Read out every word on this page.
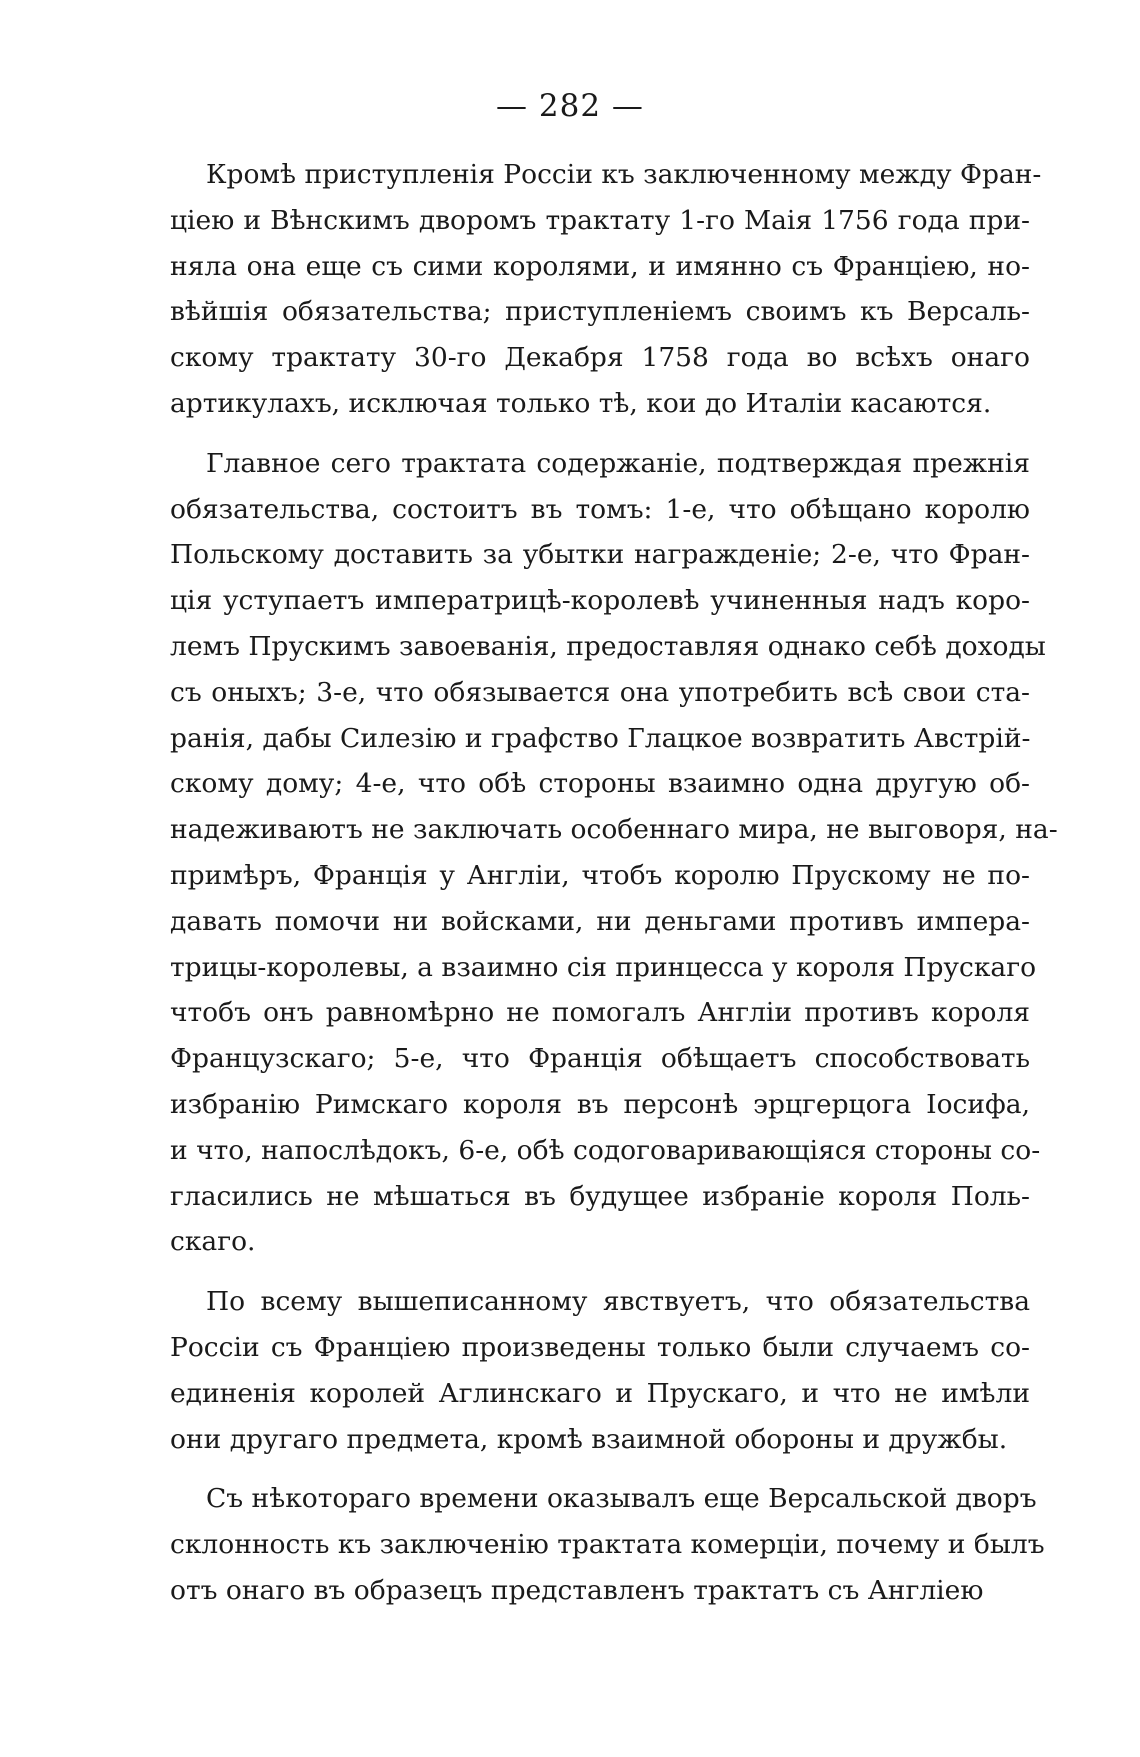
— 282 —
Кромѣ приступленія Россіи къ заключенному между Фран-
ціею и Вѣнскимъ дворомъ трактату 1-го Маія 1756 года при-
няла она еще съ сими королями, и имянно съ Франціею, но-
вѣйшія обязательства; приступленіемъ своимъ къ Версаль-
скому трактату 30-го Декабря 1758 года во всѣхъ онаго
артикулахъ, исключая только тѣ, кои до Италіи касаются.
Главное сего трактата содержаніе, подтверждая прежнія
обязательства, состоитъ въ томъ: 1-е, что обѣщано королю
Польскому доставить за убытки награжденіе; 2-е, что Фран-
ція уступаетъ императрицѣ-королевѣ учиненныя надъ коро-
лемъ Прускимъ завоеванія, предоставляя однако себѣ доходы
съ оныхъ; 3-е, что обязывается она употребить всѣ свои ста-
ранія, дабы Силезію и графство Глацкое возвратить Австрій-
скому дому; 4-е, что обѣ стороны взаимно одна другую об-
надеживаютъ не заключать особеннаго мира, не выговоря, на-
примѣръ, Франція у Англіи, чтобъ королю Прускому не по-
давать помочи ни войсками, ни деньгами противъ импера-
трицы-королевы, а взаимно сія принцесса у короля Прускаго
чтобъ онъ равномѣрно не помогалъ Англіи противъ короля
Французскаго; 5-е, что Франція обѣщаетъ способствовать
избранію Римскаго короля въ персонѣ эрцгерцога Іосифа,
и что, напослѣдокъ, 6-е, обѣ содоговаривающіяся стороны со-
гласились не мѣшаться въ будущее избраніе короля Поль-
скаго.
По всему вышеписанному явствуетъ, что обязательства
Россіи съ Франціею произведены только были случаемъ со-
единенія королей Аглинскаго и Прускаго, и что не имѣли
они другаго предмета, кромѣ взаимной обороны и дружбы.
Съ нѣкотораго времени оказывалъ еще Версальской дворъ
склонность къ заключенію трактата комерціи, почему и былъ
отъ онаго въ образецъ представленъ трактатъ съ Англіею
